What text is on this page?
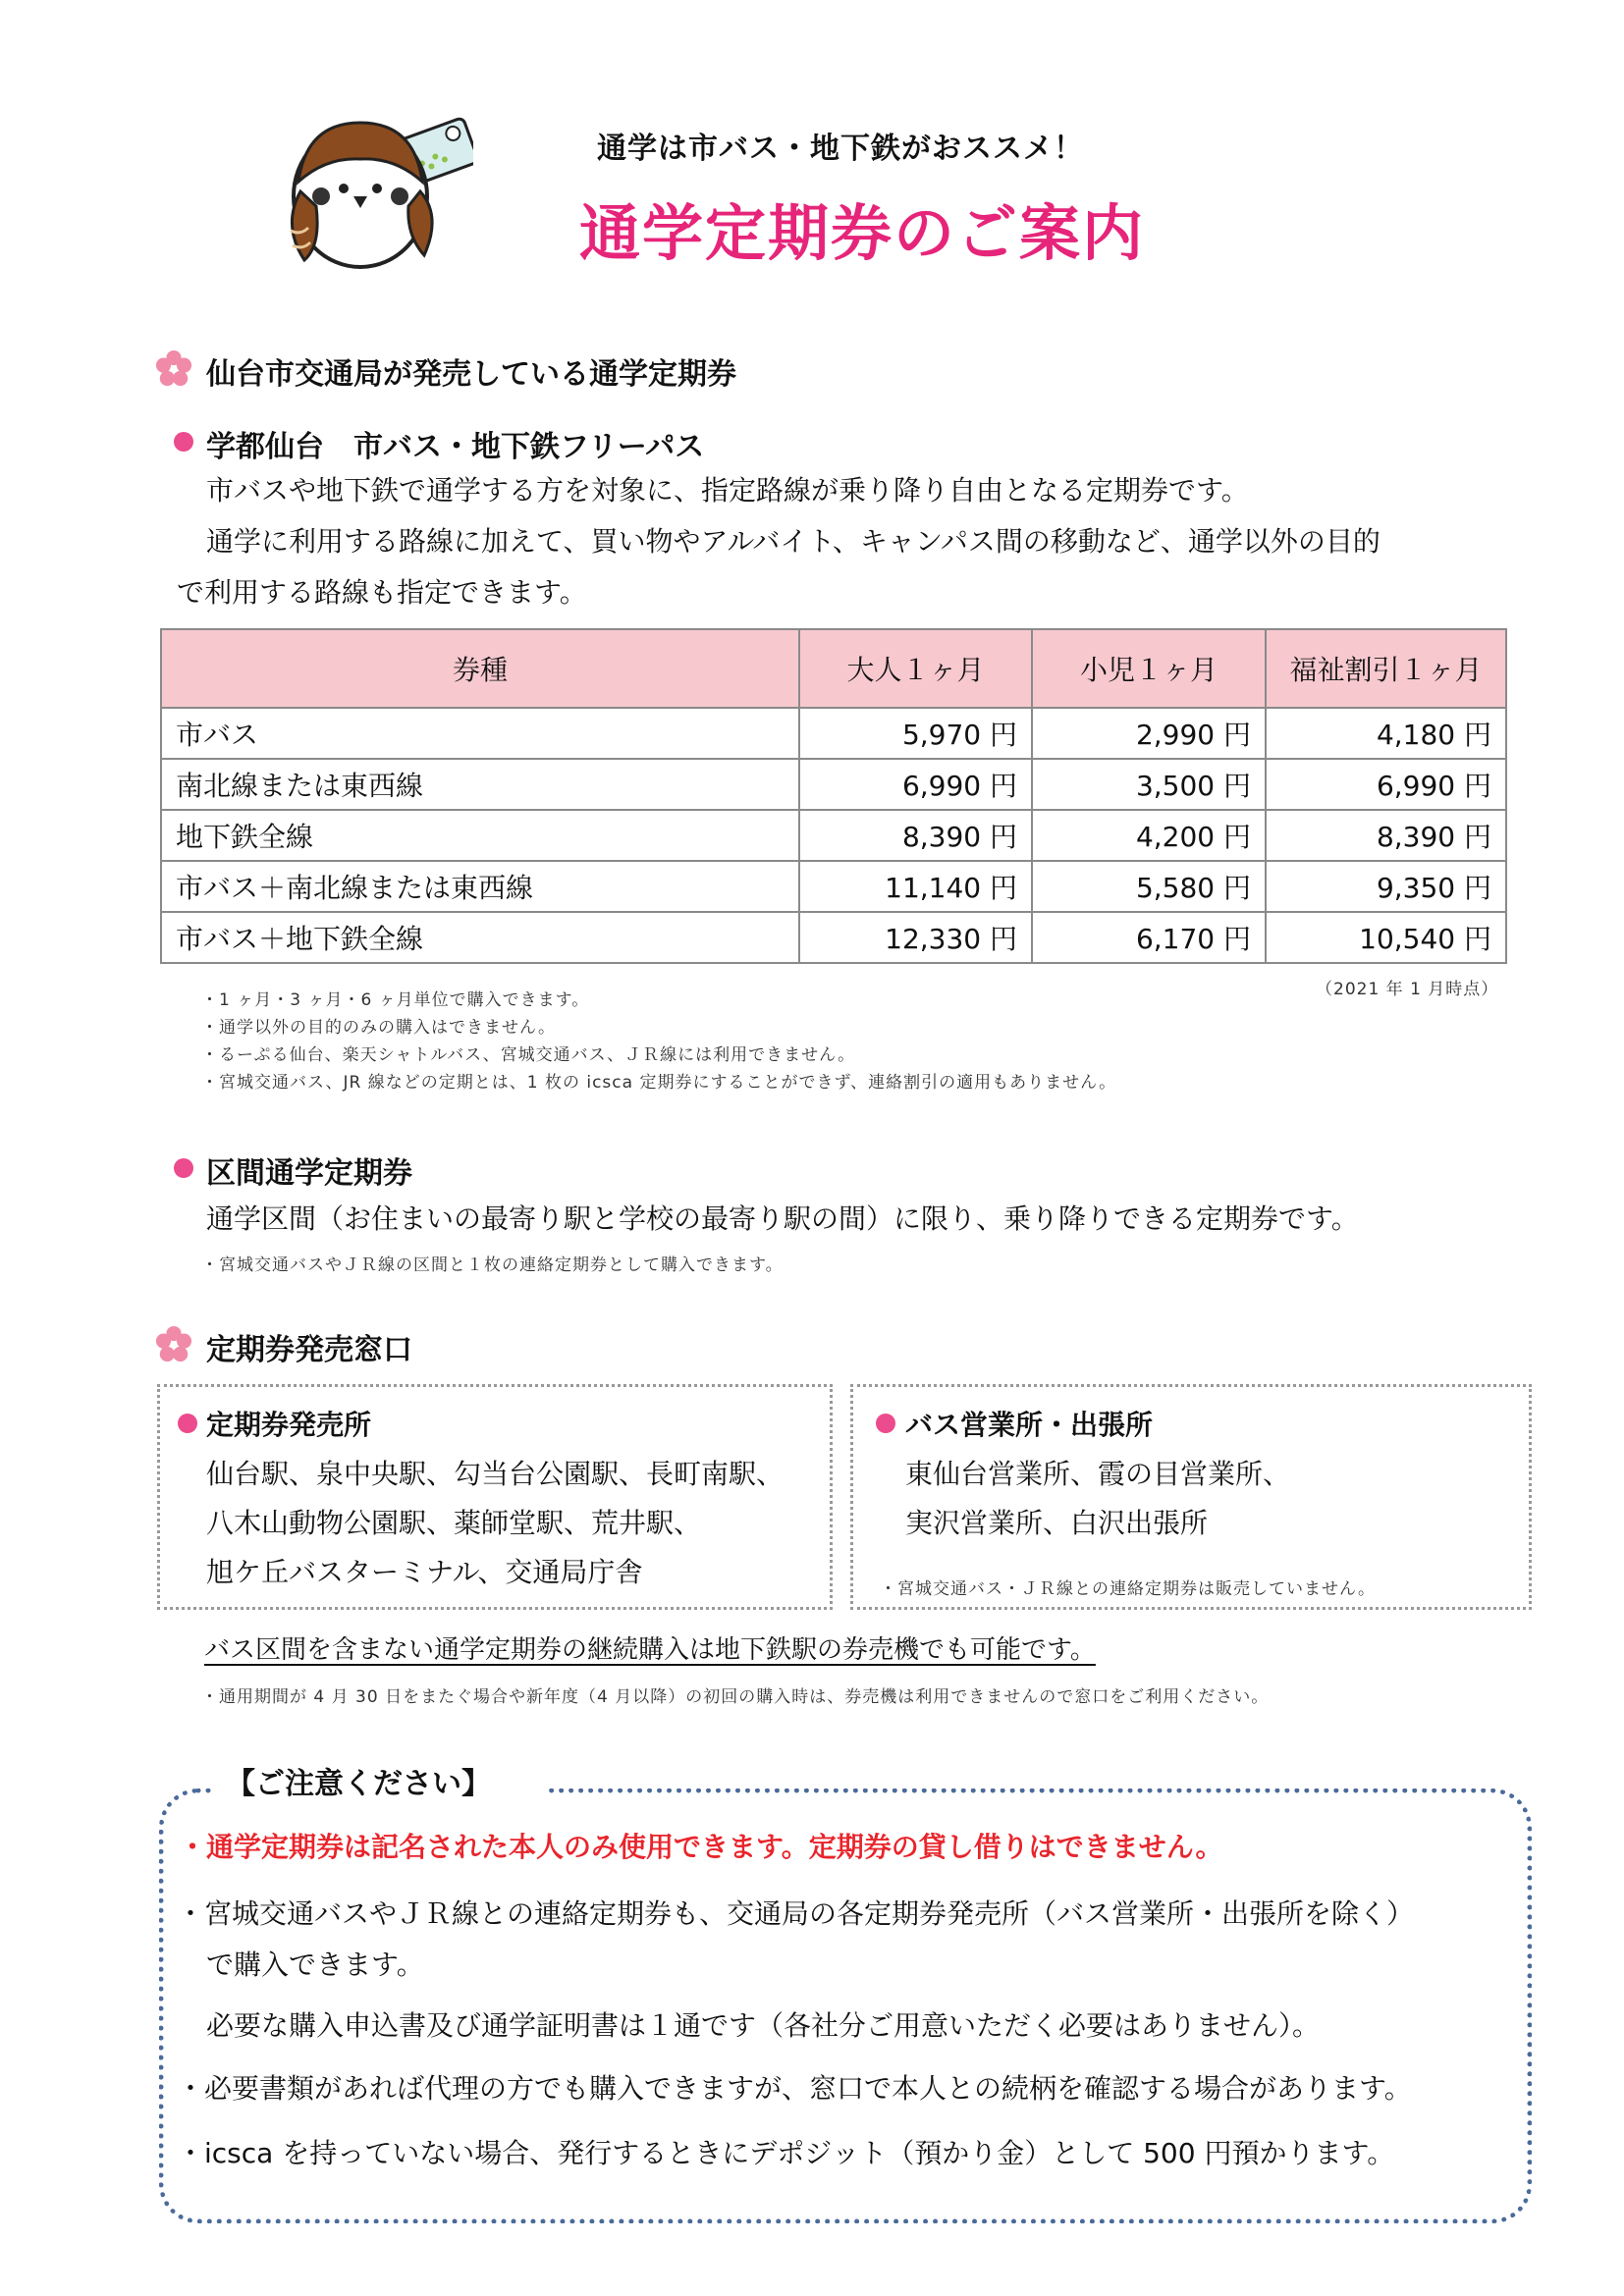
通学は市バス・地下鉄がおススメ！
通学定期券のご案内
仙台市交通局が発売している通学定期券
学都仙台　市バス・地下鉄フリーパス
市バスや地下鉄で通学する方を対象に、指定路線が乗り降り自由となる定期券です。
通学に利用する路線に加えて、買い物やアルバイト、キャンパス間の移動など、通学以外の目的
で利用する路線も指定できます。
券種	大人１ヶ月	小児１ヶ月	福祉割引１ヶ月
市バス	5,970 円	2,990 円	4,180 円
南北線または東西線	6,990 円	3,500 円	6,990 円
地下鉄全線	8,390 円	4,200 円	8,390 円
市バス＋南北線または東西線	11,140 円	5,580 円	9,350 円
市バス＋地下鉄全線	12,330 円	6,170 円	10,540 円
（2021 年 1 月時点）
・1 ヶ月・3 ヶ月・6 ヶ月単位で購入できます。
・通学以外の目的のみの購入はできません。
・るーぷる仙台、楽天シャトルバス、宮城交通バス、ＪＲ線には利用できません。
・宮城交通バス、JR 線などの定期とは、1 枚の icsca 定期券にすることができず、連絡割引の適用もありません。
区間通学定期券
通学区間（お住まいの最寄り駅と学校の最寄り駅の間）に限り、乗り降りできる定期券です。
・宮城交通バスやＪＲ線の区間と１枚の連絡定期券として購入できます。
定期券発売窓口
定期券発売所
仙台駅、泉中央駅、勾当台公園駅、長町南駅、
八木山動物公園駅、薬師堂駅、荒井駅、
旭ケ丘バスターミナル、交通局庁舎
バス営業所・出張所
東仙台営業所、霞の目営業所、
実沢営業所、白沢出張所
・宮城交通バス・ＪＲ線との連絡定期券は販売していません。
バス区間を含まない通学定期券の継続購入は地下鉄駅の券売機でも可能です。
・通用期間が 4 月 30 日をまたぐ場合や新年度（4 月以降）の初回の購入時は、券売機は利用できませんので窓口をご利用ください。
【ご注意ください】
・通学定期券は記名された本人のみ使用できます。定期券の貸し借りはできません。
・宮城交通バスやＪＲ線との連絡定期券も、交通局の各定期券発売所（バス営業所・出張所を除く）
で購入できます。
必要な購入申込書及び通学証明書は１通です（各社分ご用意いただく必要はありません）。
・必要書類があれば代理の方でも購入できますが、窓口で本人との続柄を確認する場合があります。
・icsca を持っていない場合、発行するときにデポジット（預かり金）として 500 円預かります。
